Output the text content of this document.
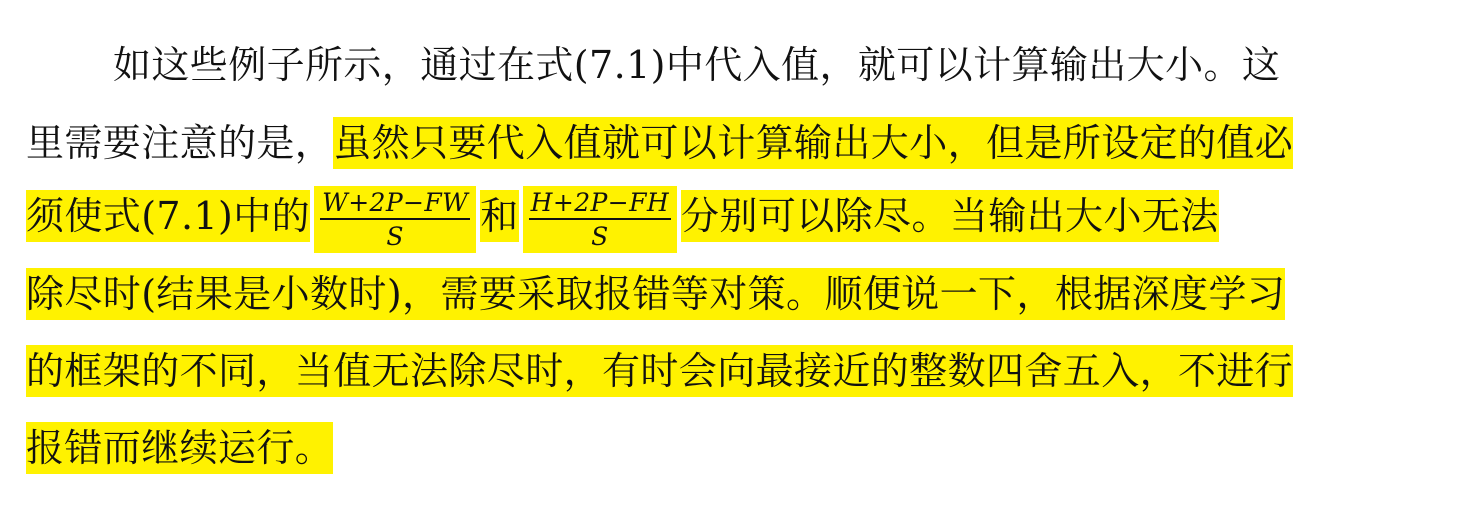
如这些例子所示，通过在式(7.1)中代入值，就可以计算输出大小。这
里需要注意的是，虽然只要代入值就可以计算输出大小，但是所设定的值必
须使式(7.1)中的 $\frac{W+2P-FW}{S}$ 和 $\frac{H+2P-FH}{S}$ 分别可以除尽。当输出大小无法
除尽时(结果是小数时)，需要采取报错等对策。顺便说一下，根据深度学习
的框架的不同，当值无法除尽时，有时会向最接近的整数四舍五入，不进行
报错而继续运行。
